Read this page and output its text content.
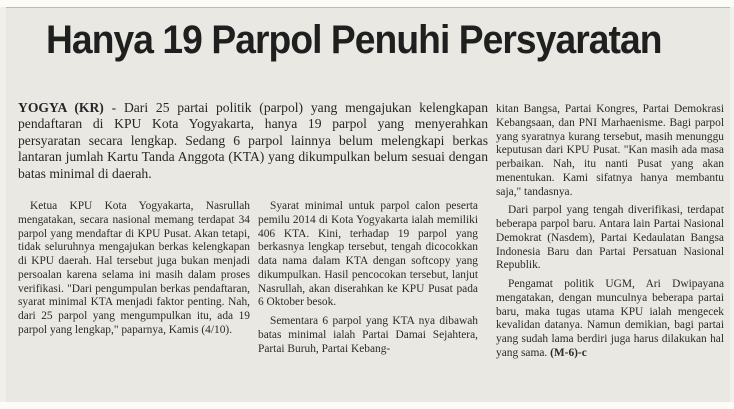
Hanya 19 Parpol Penuhi Persyaratan

YOGYA (KR) - Dari 25 partai politik (parpol) yang mengajukan kelengkapan pendaftaran di KPU Kota Yogyakarta, hanya 19 parpol yang menyerahkan persyaratan secara lengkap. Sedang 6 parpol lainnya belum melengkapi berkas lantaran jumlah Kartu Tanda Anggota (KTA) yang dikumpulkan belum sesuai dengan batas minimal di daerah.

Ketua KPU Kota Yogyakarta, Nasrullah mengatakan, secara nasional memang terdapat 34 parpol yang mendaftar di KPU Pusat. Akan tetapi, tidak seluruhnya mengajukan berkas kelengkapan di KPU daerah. Hal tersebut juga bukan menjadi persoalan karena selama ini masih dalam proses verifikasi. "Dari pengumpulan berkas pendaftaran, syarat minimal KTA menjadi faktor penting. Nah, dari 25 parpol yang mengumpulkan itu, ada 19 parpol yang lengkap," paparnya, Kamis (4/10).

Syarat minimal untuk parpol calon peserta pemilu 2014 di Kota Yogyakarta ialah memiliki 406 KTA. Kini, terhadap 19 parpol yang berkasnya lengkap tersebut, tengah dicocokkan data nama dalam KTA dengan softcopy yang dikumpulkan. Hasil pencocokan tersebut, lanjut Nasrullah, akan diserahkan ke KPU Pusat pada 6 Oktober besok.

Sementara 6 parpol yang KTA nya dibawah batas minimal ialah Partai Damai Sejahtera, Partai Buruh, Partai Kebang-

kitan Bangsa, Partai Kongres, Partai Demokrasi Kebangsaan, dan PNI Marhaenisme. Bagi parpol yang syaratnya kurang tersebut, masih menunggu keputusan dari KPU Pusat. "Kan masih ada masa perbaikan. Nah, itu nanti Pusat yang akan menentukan. Kami sifatnya hanya membantu saja," tandasnya.

Dari parpol yang tengah diverifikasi, terdapat beberapa parpol baru. Antara lain Partai Nasional Demokrat (Nasdem), Partai Kedaulatan Bangsa Indonesia Baru dan Partai Persatuan Nasional Republik.

Pengamat politik UGM, Ari Dwipayana mengatakan, dengan munculnya beberapa partai baru, maka tugas utama KPU ialah mengecek kevalidan datanya. Namun demikian, bagi partai yang sudah lama berdiri juga harus dilakukan hal yang sama. (M-6)-c
